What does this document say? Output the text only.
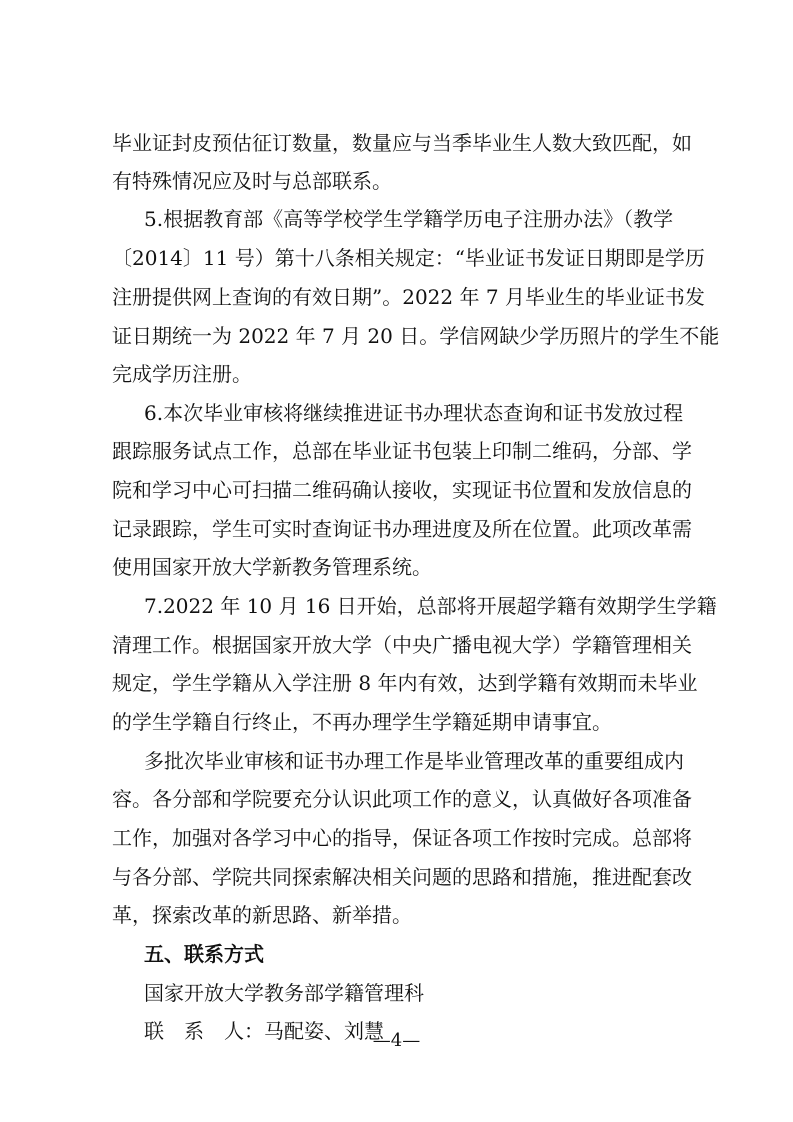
毕业证封皮预估征订数量，数量应与当季毕业生人数大致匹配，如
有特殊情况应及时与总部联系。
5.根据教育部《高等学校学生学籍学历电子注册办法》（教学
〔2014〕11 号）第十八条相关规定：“毕业证书发证日期即是学历
注册提供网上查询的有效日期”。2022 年 7 月毕业生的毕业证书发
证日期统一为 2022 年 7 月 20 日。学信网缺少学历照片的学生不能
完成学历注册。
6.本次毕业审核将继续推进证书办理状态查询和证书发放过程
跟踪服务试点工作，总部在毕业证书包装上印制二维码，分部、学
院和学习中心可扫描二维码确认接收，实现证书位置和发放信息的
记录跟踪，学生可实时查询证书办理进度及所在位置。此项改革需
使用国家开放大学新教务管理系统。
7.2022 年 10 月 16 日开始，总部将开展超学籍有效期学生学籍
清理工作。根据国家开放大学（中央广播电视大学）学籍管理相关
规定，学生学籍从入学注册 8 年内有效，达到学籍有效期而未毕业
的学生学籍自行终止，不再办理学生学籍延期申请事宜。
多批次毕业审核和证书办理工作是毕业管理改革的重要组成内
容。各分部和学院要充分认识此项工作的意义，认真做好各项准备
工作，加强对各学习中心的指导，保证各项工作按时完成。总部将
与各分部、学院共同探索解决相关问题的思路和措施，推进配套改
革，探索改革的新思路、新举措。
五、联系方式
国家开放大学教务部学籍管理科
联　系　人：马配姿、刘慧
—4—
